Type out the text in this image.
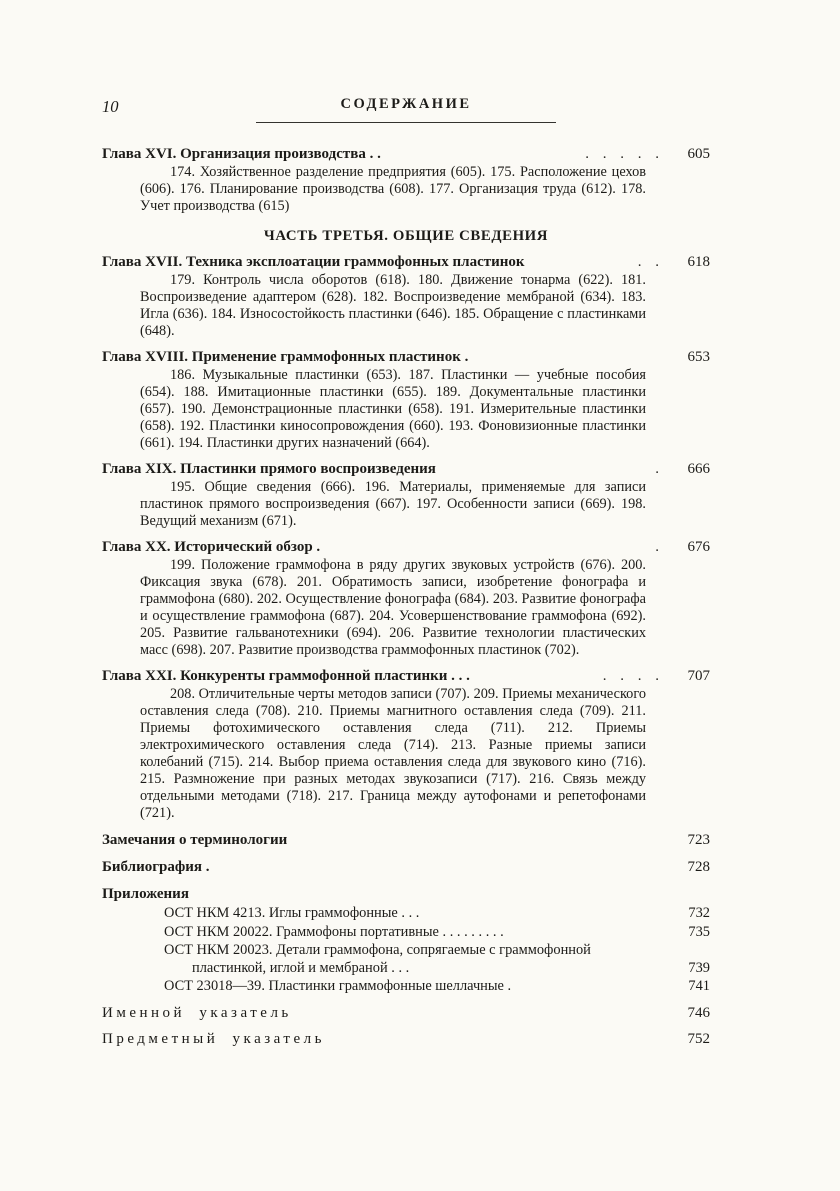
10	СОДЕРЖАНИЕ
Глава XVI. Организация производства . .	. . . . .	605

174. Хозяйственное разделение предприятия (605). 175. Расположение цехов (606). 176. Планирование производства (608). 177. Организация труда (612). 178. Учет производства (615)

ЧАСТЬ ТРЕТЬЯ. ОБЩИЕ СВЕДЕНИЯ
Глава XVII. Техника эксплоатации граммофонных пластинок	. .	618

179. Контроль числа оборотов (618). 180. Движение тонарма (622). 181. Воспроизведение адаптером (628). 182. Воспроизведение мембраной (634). 183. Игла (636). 184. Износостойкость пластинки (646). 185. Обращение с пластинками (648).

Глава XVIII. Применение граммофонных пластинок .	653

186. Музыкальные пластинки (653). 187. Пластинки — учебные пособия (654). 188. Имитационные пластинки (655). 189. Документальные пластинки (657). 190. Демонстрационные пластинки (658). 191. Измерительные пластинки (658). 192. Пластинки киносопровождения (660). 193. Фоновизионные пластинки (661). 194. Пластинки других назначений (664).

Глава XIX. Пластинки прямого воспроизведения	.	666

195. Общие сведения (666). 196. Материалы, применяемые для записи пластинок прямого воспроизведения (667). 197. Особенности записи (669). 198. Ведущий механизм (671).

Глава XX. Исторический обзор .	.	676

199. Положение граммофона в ряду других звуковых устройств (676). 200. Фиксация звука (678). 201. Обратимость записи, изобретение фонографа и граммофона (680). 202. Осуществление фонографа (684). 203. Развитие фонографа и осуществление граммофона (687). 204. Усовершенствование граммофона (692). 205. Развитие гальванотехники (694). 206. Развитие технологии пластических масс (698). 207. Развитие производства граммофонных пластинок (702).

Глава XXI. Конкуренты граммофонной пластинки . . .	. . . .	707

208. Отличительные черты методов записи (707). 209. Приемы механического оставления следа (708). 210. Приемы магнитного оставления следа (709). 211. Приемы фотохимического оставления следа (711). 212. Приемы электрохимического оставления следа (714). 213. Разные приемы записи колебаний (715). 214. Выбор приема оставления следа для звукового кино (716). 215. Размножение при разных методах звукозаписи (717). 216. Связь между отдельными методами (718). 217. Граница между аутофонами и репетофонами (721).

Замечания о терминологии	723
Библиография .	728
Приложения
ОСТ НКМ 4213. Иглы граммофонные . . .	732
ОСТ НКМ 20022. Граммофоны портативные . . . . . . . . .	735
ОСТ НКМ 20023. Детали граммофона, сопрягаемые с граммофонной пластинкой, иглой и мембраной . . .	739
ОСТ 23018—39. Пластинки граммофонные шеллачные .	741
Именной указатель	746
Предметный указатель	752
